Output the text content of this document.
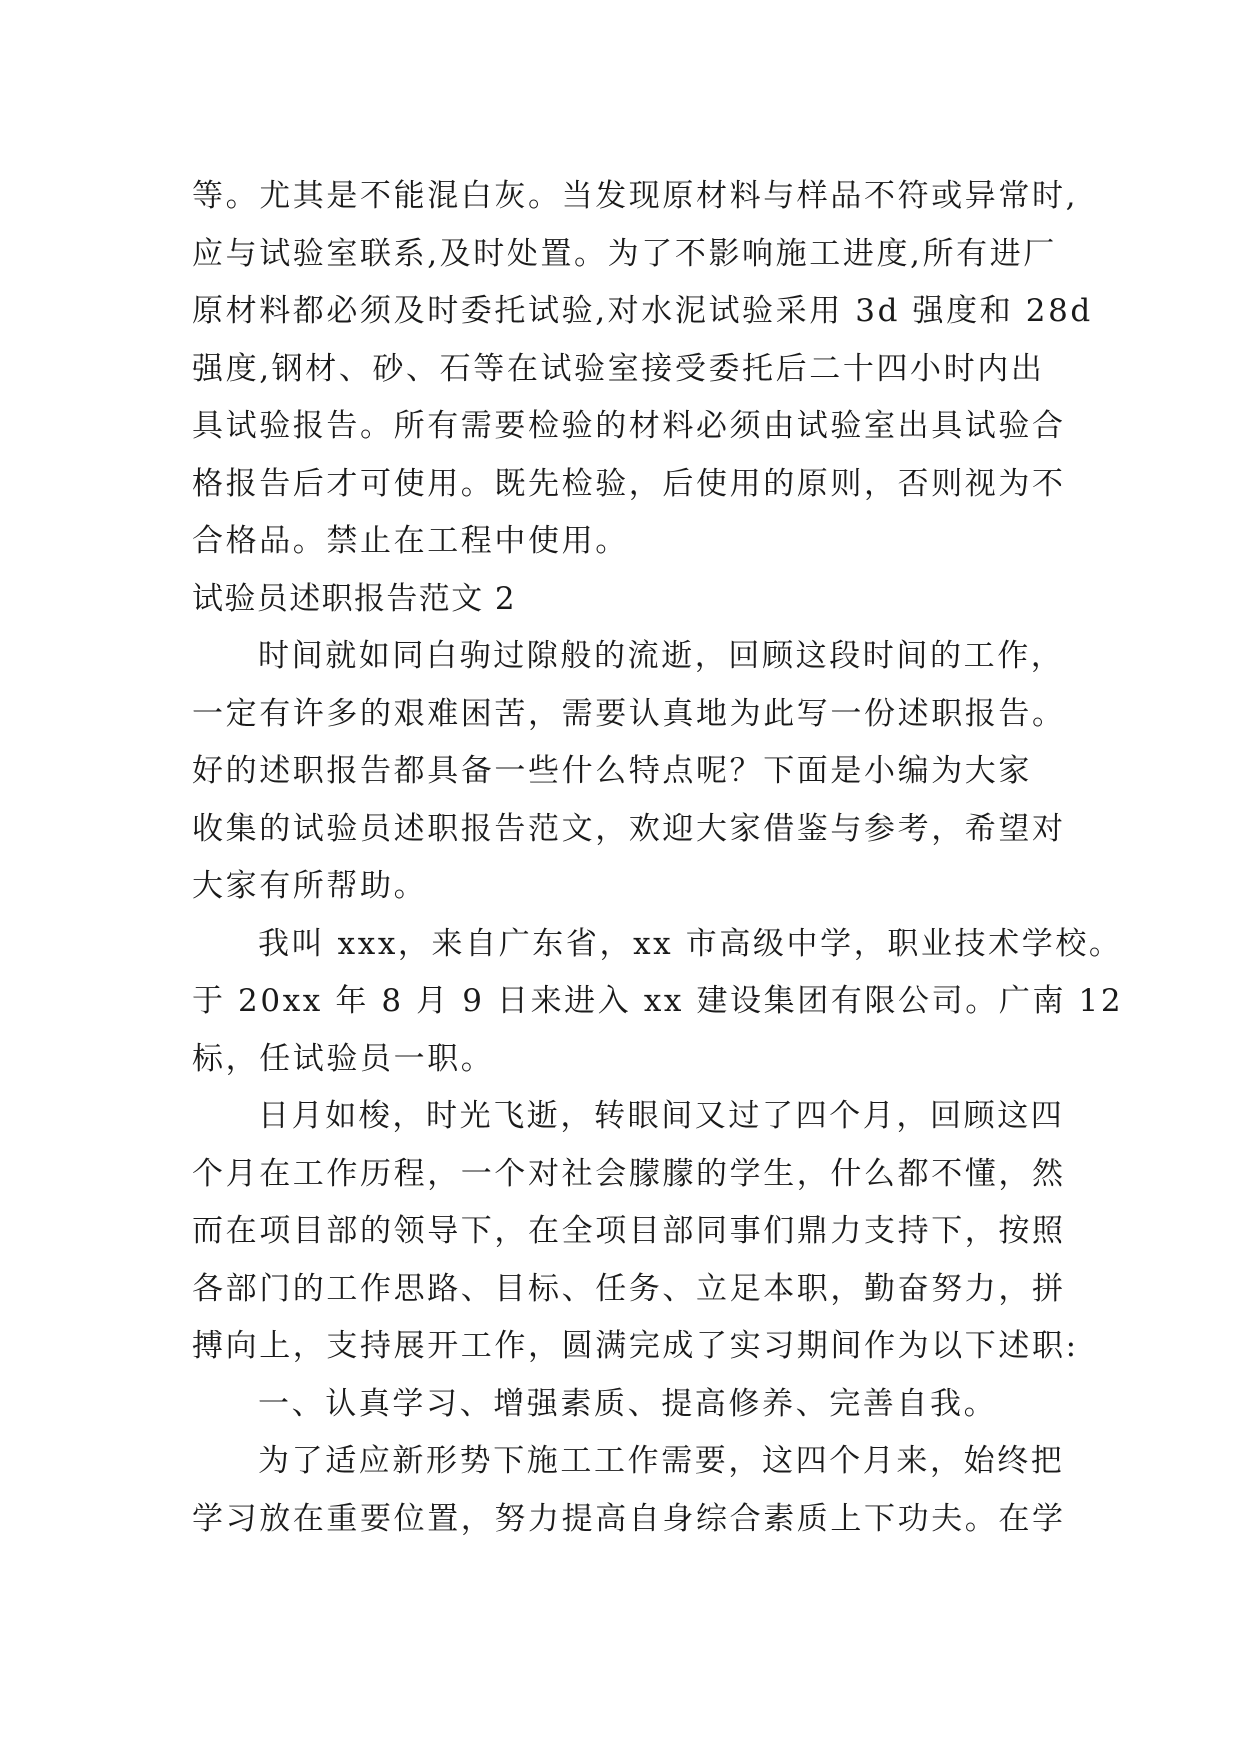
等。尤其是不能混白灰。当发现原材料与样品不符或异常时,
应与试验室联系,及时处置。为了不影响施工进度,所有进厂
原材料都必须及时委托试验,对水泥试验采用 3d 强度和 28d
强度,钢材、砂、石等在试验室接受委托后二十四小时内出
具试验报告。所有需要检验的材料必须由试验室出具试验合
格报告后才可使用。既先检验，后使用的原则，否则视为不
合格品。禁止在工程中使用。
试验员述职报告范文 2
时间就如同白驹过隙般的流逝，回顾这段时间的工作，
一定有许多的艰难困苦，需要认真地为此写一份述职报告。
好的述职报告都具备一些什么特点呢？下面是小编为大家
收集的试验员述职报告范文，欢迎大家借鉴与参考，希望对
大家有所帮助。
我叫 xxx，来自广东省，xx 市高级中学，职业技术学校。
于 20xx 年 8 月 9 日来进入 xx 建设集团有限公司。广南 12
标，任试验员一职。
日月如梭，时光飞逝，转眼间又过了四个月，回顾这四
个月在工作历程，一个对社会朦朦的学生，什么都不懂，然
而在项目部的领导下，在全项目部同事们鼎力支持下，按照
各部门的工作思路、目标、任务、立足本职，勤奋努力，拼
搏向上，支持展开工作，圆满完成了实习期间作为以下述职:
一、认真学习、增强素质、提高修养、完善自我。
为了适应新形势下施工工作需要，这四个月来，始终把
学习放在重要位置，努力提高自身综合素质上下功夫。在学
